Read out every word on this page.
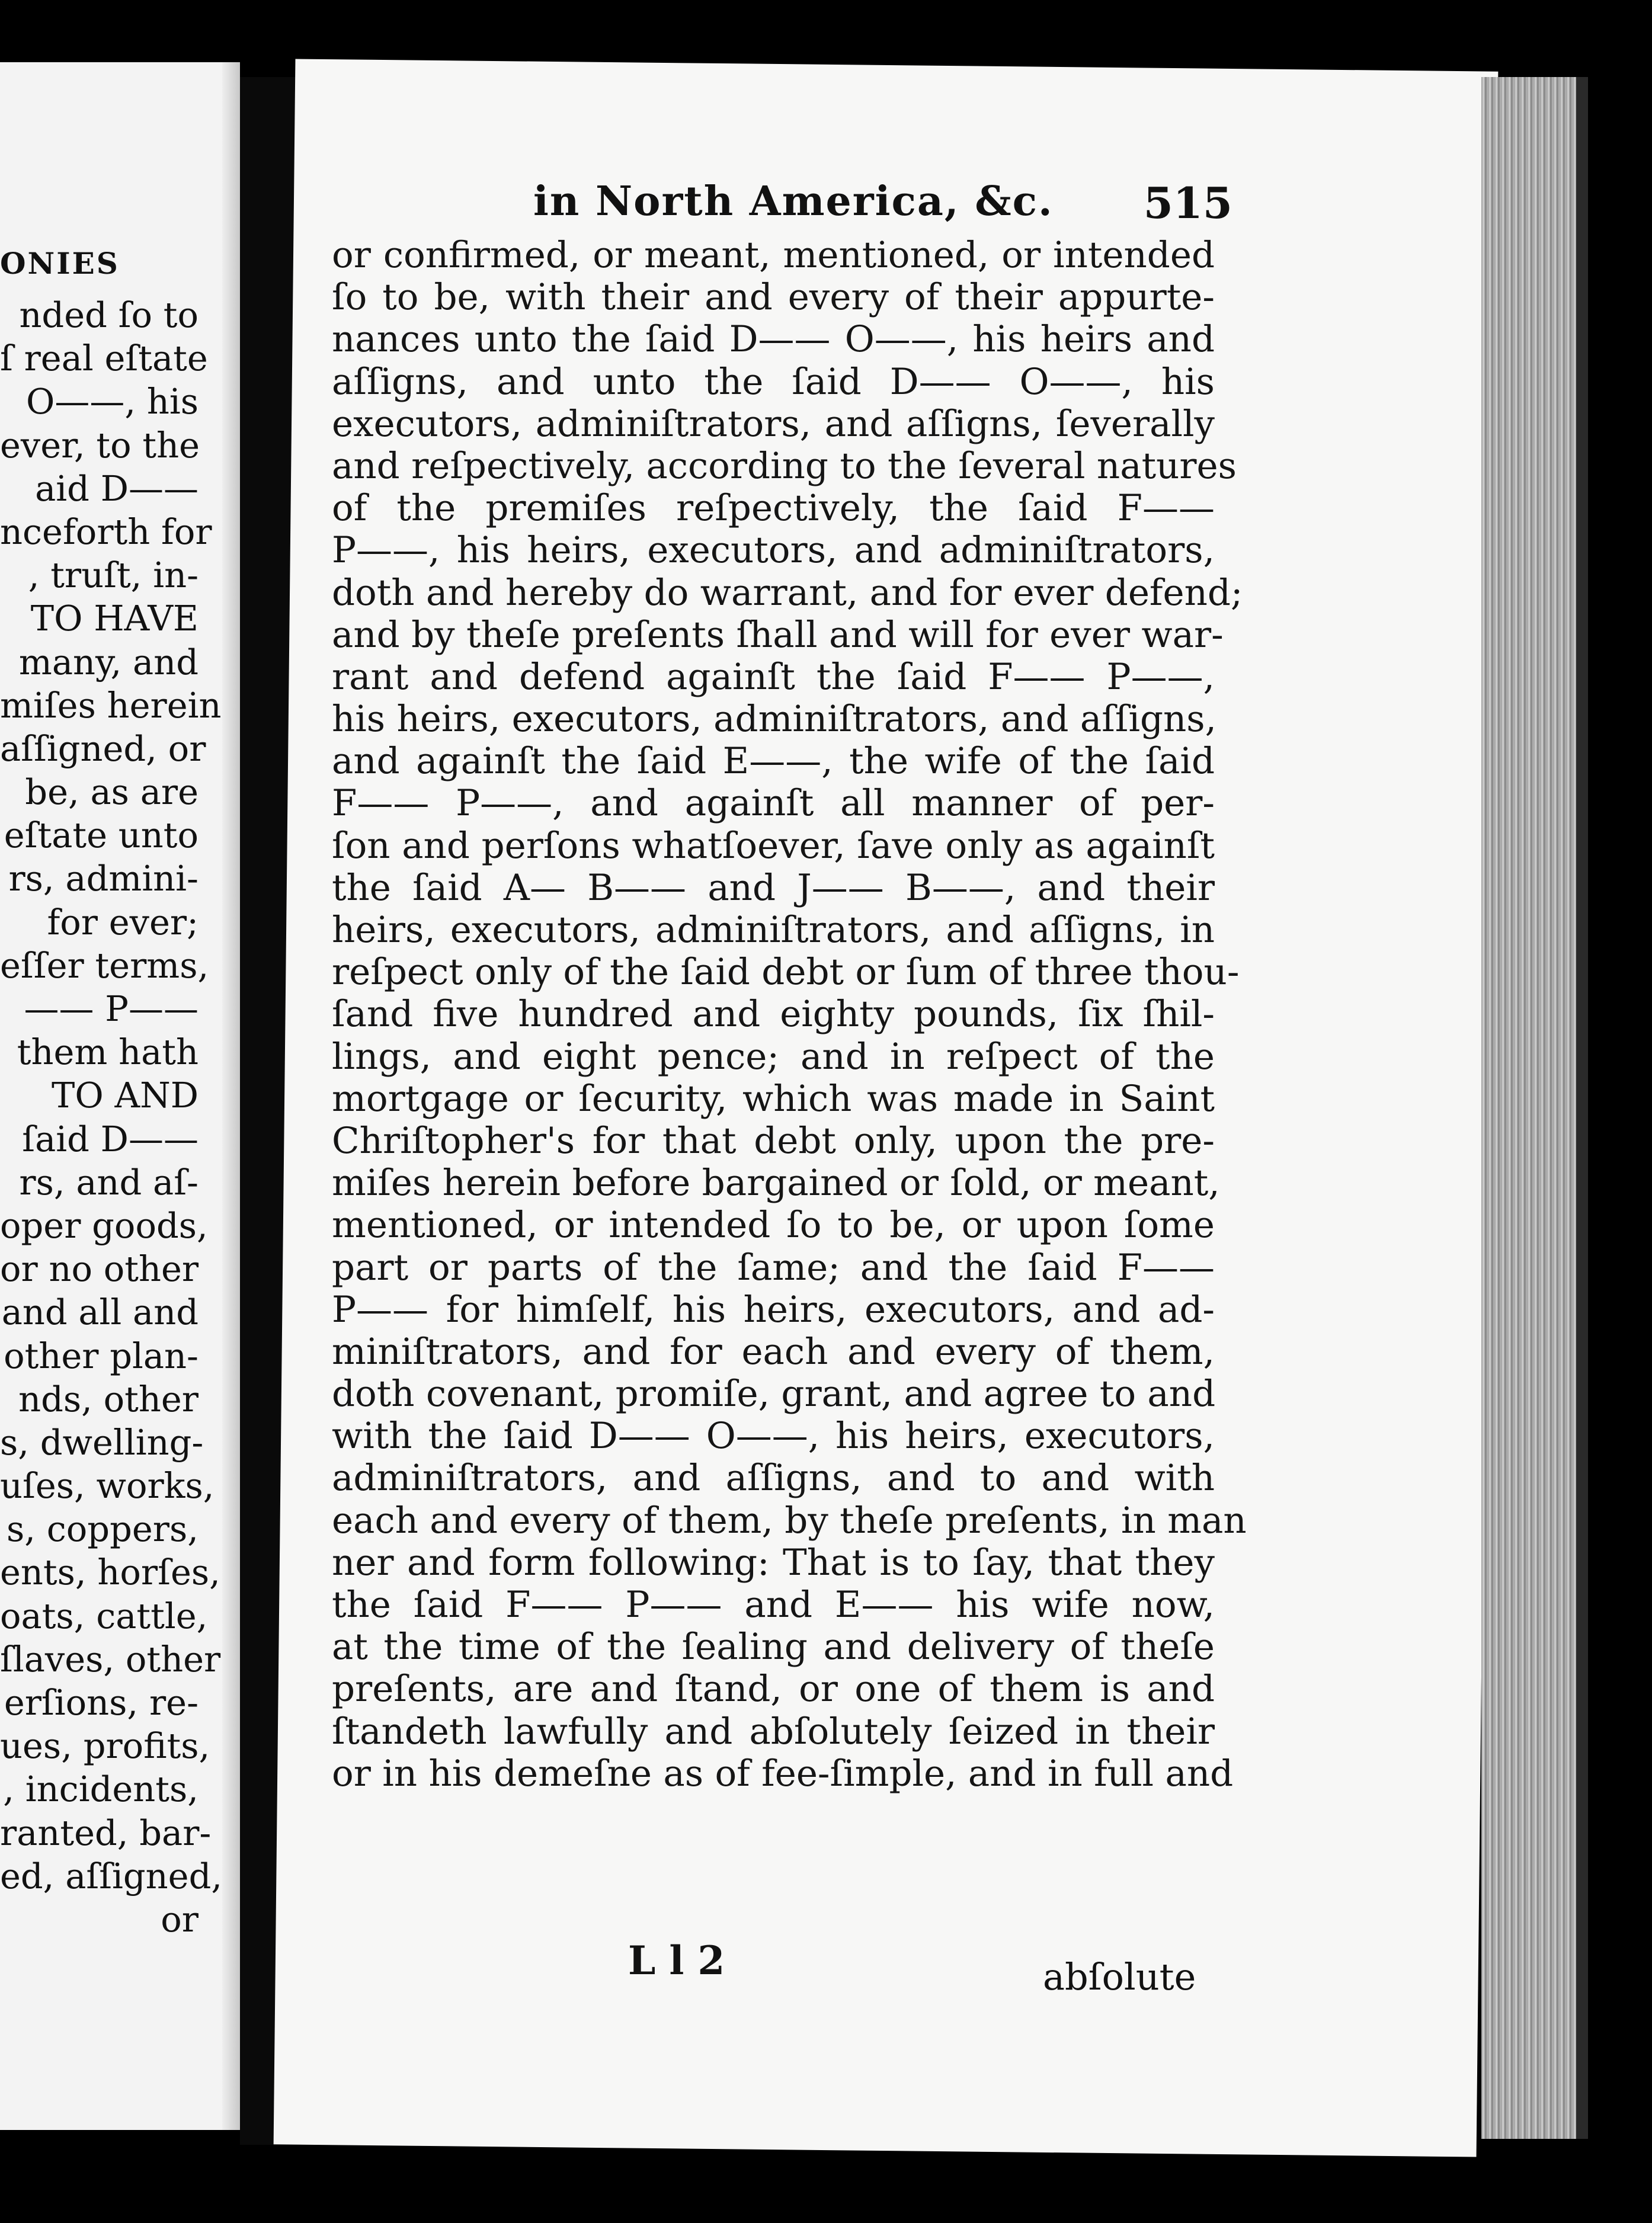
ONIES
nded ſo to
ſ real eſtate
O——, his
ever, to the
aid D——
nceforth for
, truſt, in-
TO HAVE
many, and
miſes herein
aſſigned, or
be, as are
eſtate unto
rs, admini-
for ever;
eſſer terms,
—— P——
them hath
TO AND
ſaid D——
rs, and aſ-
oper goods,
or no other
and all and
other plan-
nds, other
s, dwelling-
uſes, works,
s, coppers,
ents, horſes,
oats, cattle,
ſlaves, other
erſions, re-
ues, profits,
, incidents,
ranted, bar-
ed, aſſigned,
or
in North America, &c. 515
or confirmed, or meant, mentioned, or intended
ſo to be, with their and every of their appurte-
nances unto the ſaid D—— O——, his heirs and
aſſigns, and unto the ſaid D—— O——, his
executors, adminiſtrators, and aſſigns, ſeverally
and reſpectively, according to the ſeveral natures
of the premiſes reſpectively, the ſaid F——
P——, his heirs, executors, and adminiſtrators,
doth and hereby do warrant, and for ever defend;
and by theſe preſents ſhall and will for ever war-
rant and defend againſt the ſaid F—— P——,
his heirs, executors, adminiſtrators, and aſſigns,
and againſt the ſaid E——, the wife of the ſaid
F—— P——, and againſt all manner of per-
ſon and perſons whatſoever, ſave only as againſt
the ſaid A— B—— and J—— B——, and their
heirs, executors, adminiſtrators, and aſſigns, in
reſpect only of the ſaid debt or ſum of three thou-
ſand five hundred and eighty pounds, ſix ſhil-
lings, and eight pence; and in reſpect of the
mortgage or ſecurity, which was made in Saint
Chriſtopher's for that debt only, upon the pre-
miſes herein before bargained or ſold, or meant,
mentioned, or intended ſo to be, or upon ſome
part or parts of the ſame; and the ſaid F——
P—— for himſelf, his heirs, executors, and ad-
miniſtrators, and for each and every of them,
doth covenant, promiſe, grant, and agree to and
with the ſaid D—— O——, his heirs, executors,
adminiſtrators, and aſſigns, and to and with
each and every of them, by theſe preſents, in man
ner and form following: That is to ſay, that they
the ſaid F—— P—— and E—— his wife now,
at the time of the ſealing and delivery of theſe
preſents, are and ſtand, or one of them is and
ſtandeth lawfully and abſolutely ſeized in their
or in his demeſne as of fee-ſimple, and in full and
L l 2	abſolute
